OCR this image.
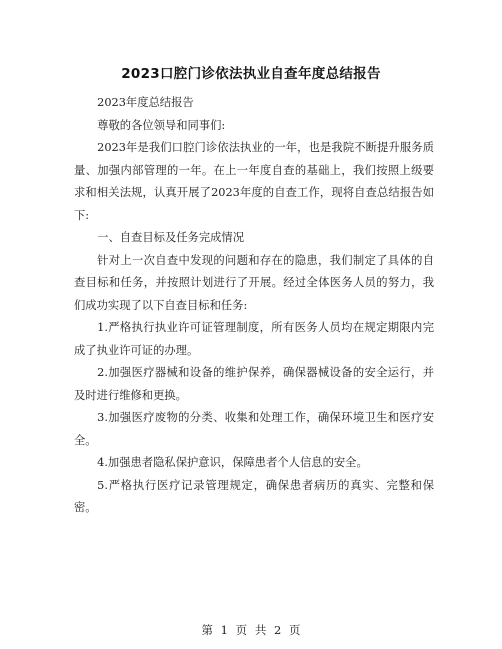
2023口腔门诊依法执业自查年度总结报告

2023年度总结报告

尊敬的各位领导和同事们:

2023年是我们口腔门诊依法执业的一年，也是我院不断提升服务质量、加强内部管理的一年。在上一年度自查的基础上，我们按照上级要求和相关法规，认真开展了2023年度的自查工作，现将自查总结报告如下:

一、自查目标及任务完成情况

针对上一次自查中发现的问题和存在的隐患，我们制定了具体的自查目标和任务，并按照计划进行了开展。经过全体医务人员的努力，我们成功实现了以下自查目标和任务:

1.严格执行执业许可证管理制度，所有医务人员均在规定期限内完成了执业许可证的办理。

2.加强医疗器械和设备的维护保养，确保器械设备的安全运行，并及时进行维修和更换。

3.加强医疗废物的分类、收集和处理工作，确保环境卫生和医疗安全。

4.加强患者隐私保护意识，保障患者个人信息的安全。

5.严格执行医疗记录管理规定，确保患者病历的真实、完整和保密。

第 1 页 共 2 页
